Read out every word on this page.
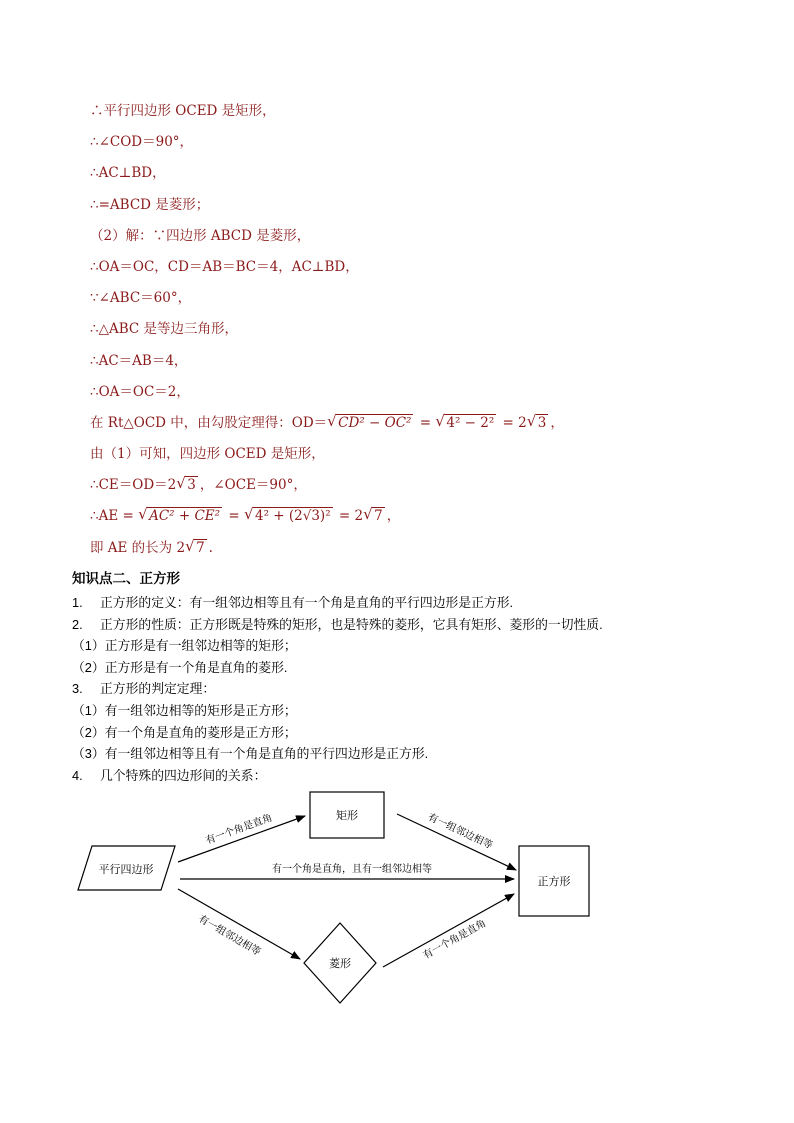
∴平行四边形 OCED 是矩形，
∴∠COD＝90°，
∴AC⊥BD，
∴=ABCD 是菱形；
（2）解：∵四边形 ABCD 是菱形，
∴OA＝OC，CD＝AB＝BC＝4，AC⊥BD，
∵∠ABC＝60°，
∴△ABC 是等边三角形，
∴AC＝AB＝4，
∴OA＝OC＝2，
在 Rt△OCD 中，由勾股定理得：OD＝ √ CD² − OC² = √ 4² − 2² = 2 √ 3 ，
由（1）可知，四边形 OCED 是矩形，
∴CE＝OD＝2 √ 3 ，∠OCE＝90°，
∴AE = √ AC² + CE² = √ 4² + (2√3)² = 2 √ 7 ，
即 AE 的长为 2 √ 7 .
知识点二、正方形
1. 正方形的定义：有一组邻边相等且有一个角是直角的平行四边形是正方形.
2. 正方形的性质：正方形既是特殊的矩形，也是特殊的菱形，它具有矩形、菱形的一切性质.
（1）正方形是有一组邻边相等的矩形；
（2）正方形是有一个角是直角的菱形.
3. 正方形的判定定理：
（1）有一组邻边相等的矩形是正方形；
（2）有一个角是直角的菱形是正方形；
（3）有一组邻边相等且有一个角是直角的平行四边形是正方形.
4. 几个特殊的四边形间的关系：
平行四边形
矩形
正方形
菱形
有一个角是直角	有一组邻边相等
有一个角是直角，且有一组邻边相等
有一组邻边相等	有一个角是直角
